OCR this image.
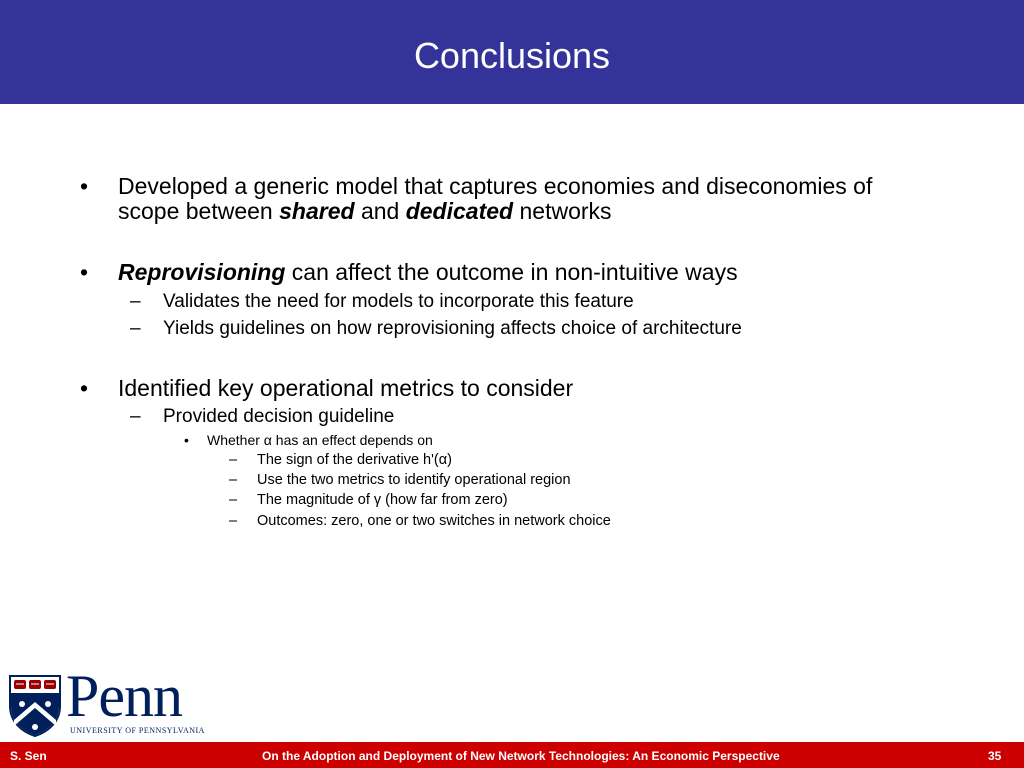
Conclusions
• Developed a generic model that captures economies and diseconomies of
scope between shared and dedicated networks
• Reprovisioning can affect the outcome in non-intuitive ways
– Validates the need for models to incorporate this feature
– Yields guidelines on how reprovisioning affects choice of architecture
• Identified key operational metrics to consider
– Provided decision guideline
• Whether α has an effect depends on
– The sign of the derivative h'(α)
– Use the two metrics to identify operational region
– The magnitude of γ (how far from zero)
– Outcomes: zero, one or two switches in network choice
Penn
UNIVERSITY OF PENNSYLVANIA
S. Sen	On the Adoption and Deployment of New Network Technologies: An Economic Perspective	35
